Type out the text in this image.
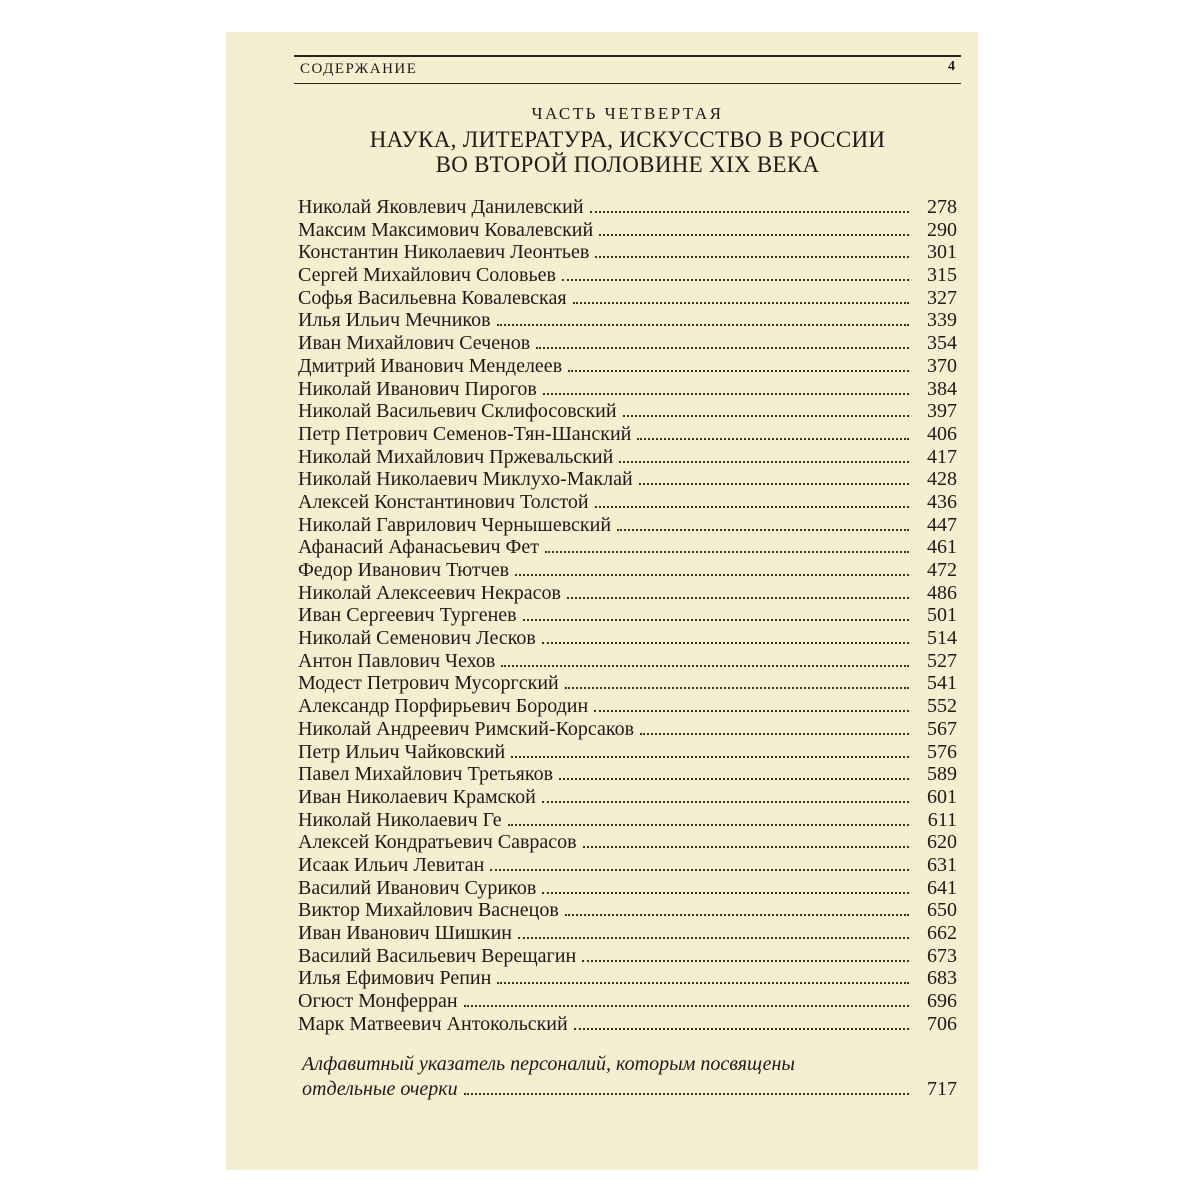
СОДЕРЖАНИЕ	4
ЧАСТЬ ЧЕТВЕРТАЯ
НАУКА, ЛИТЕРАТУРА, ИСКУССТВО В РОССИИ
ВО ВТОРОЙ ПОЛОВИНЕ XIX ВЕКА
Николай Яковлевич Данилевский	278
Максим Максимович Ковалевский	290
Константин Николаевич Леонтьев	301
Сергей Михайлович Соловьев	315
Софья Васильевна Ковалевская	327
Илья Ильич Мечников	339
Иван Михайлович Сеченов	354
Дмитрий Иванович Менделеев	370
Николай Иванович Пирогов	384
Николай Васильевич Склифосовский	397
Петр Петрович Семенов-Тян-Шанский	406
Николай Михайлович Пржевальский	417
Николай Николаевич Миклухо-Маклай	428
Алексей Константинович Толстой	436
Николай Гаврилович Чернышевский	447
Афанасий Афанасьевич Фет	461
Федор Иванович Тютчев	472
Николай Алексеевич Некрасов	486
Иван Сергеевич Тургенев	501
Николай Семенович Лесков	514
Антон Павлович Чехов	527
Модест Петрович Мусоргский	541
Александр Порфирьевич Бородин	552
Николай Андреевич Римский-Корсаков	567
Петр Ильич Чайковский	576
Павел Михайлович Третьяков	589
Иван Николаевич Крамской	601
Николай Николаевич Ге	611
Алексей Кондратьевич Саврасов	620
Исаак Ильич Левитан	631
Василий Иванович Суриков	641
Виктор Михайлович Васнецов	650
Иван Иванович Шишкин	662
Василий Васильевич Верещагин	673
Илья Ефимович Репин	683
Огюст Монферран	696
Марк Матвеевич Антокольский	706
Алфавитный указатель персоналий, которым посвящены
отдельные очерки	717
